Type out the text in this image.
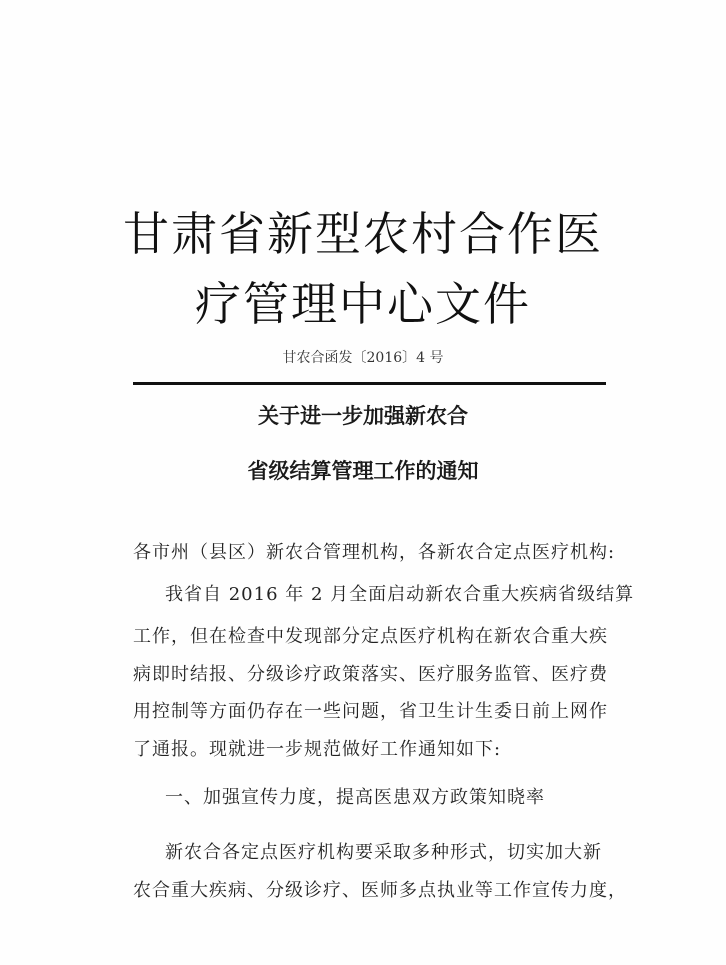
甘肃省新型农村合作医
疗管理中心文件
甘农合函发〔2016〕4 号
关于进一步加强新农合
省级结算管理工作的通知
各市州（县区）新农合管理机构，各新农合定点医疗机构:
我省自 2016 年 2 月全面启动新农合重大疾病省级结算
工作，但在检查中发现部分定点医疗机构在新农合重大疾
病即时结报、分级诊疗政策落实、医疗服务监管、医疗费
用控制等方面仍存在一些问题，省卫生计生委日前上网作
了通报。现就进一步规范做好工作通知如下:
一、加强宣传力度，提高医患双方政策知晓率
新农合各定点医疗机构要采取多种形式，切实加大新
农合重大疾病、分级诊疗、医师多点执业等工作宣传力度，
